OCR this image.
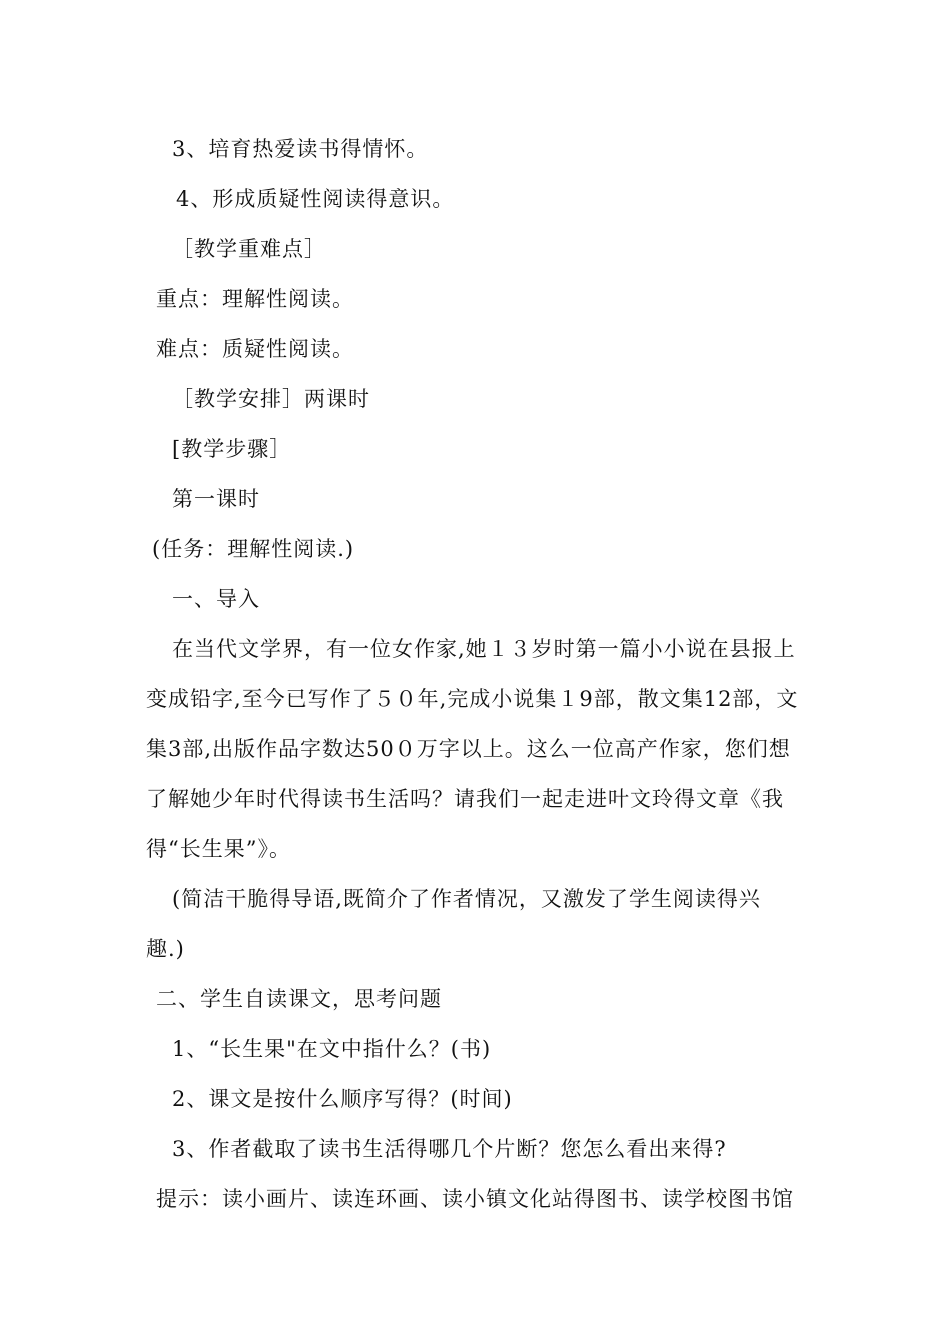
3、培育热爱读书得情怀。
4、形成质疑性阅读得意识。
［教学重难点］
重点：理解性阅读。
难点：质疑性阅读。
［教学安排］两课时
[教学步骤］
第一课时
(任务：理解性阅读.)
一、导入
在当代文学界，有一位女作家,她１３岁时第一篇小小说在县报上
变成铅字,至今已写作了５０年,完成小说集１9部，散文集12部，文
集3部,出版作品字数达50０万字以上。这么一位高产作家，您们想
了解她少年时代得读书生活吗？请我们一起走进叶文玲得文章《我
得“长生果”》。
(简洁干脆得导语,既简介了作者情况，又激发了学生阅读得兴
趣.)
二、学生自读课文，思考问题
1、“长生果"在文中指什么？(书)
2、课文是按什么顺序写得？(时间)
3、作者截取了读书生活得哪几个片断？您怎么看出来得?
提示：读小画片、读连环画、读小镇文化站得图书、读学校图书馆
